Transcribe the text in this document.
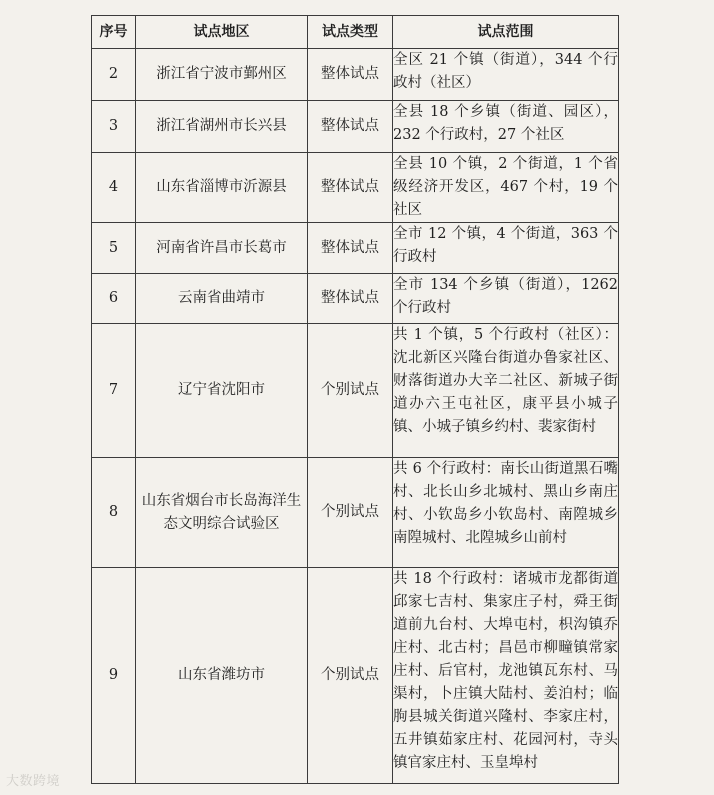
序号	试点地区	试点类型	试点范围
2	浙江省宁波市鄞州区	整体试点	全区 21 个镇（街道），344 个行政村（社区）
3	浙江省湖州市长兴县	整体试点	全县 18 个乡镇（街道、园区），232 个行政村，27 个社区
4	山东省淄博市沂源县	整体试点	全县 10 个镇，2 个街道，1 个省级经济开发区，467 个村，19 个社区
5	河南省许昌市长葛市	整体试点	全市 12 个镇，4 个街道，363 个行政村
6	云南省曲靖市	整体试点	全市 134 个乡镇（街道），1262 个行政村
7	辽宁省沈阳市	个别试点	共 1 个镇，5 个行政村（社区）：沈北新区兴隆台街道办鲁家社区、财落街道办大辛二社区、新城子街道办六王屯社区，康平县小城子镇、小城子镇乡约村、裴家街村
8	山东省烟台市长岛海洋生态文明综合试验区	个别试点	共 6 个行政村：南长山街道黑石嘴村、北长山乡北城村、黑山乡南庄村、小钦岛乡小钦岛村、南隍城乡南隍城村、北隍城乡山前村
9	山东省潍坊市	个别试点	共 18 个行政村：诸城市龙都街道邱家七吉村、集家庄子村，舜王街道前九台村、大埠屯村，枳沟镇乔庄村、北古村；昌邑市柳疃镇常家庄村、后官村，龙池镇瓦东村、马渠村，卜庄镇大陆村、姜泊村；临朐县城关街道兴隆村、李家庄村，五井镇茹家庄村、花园河村，寺头镇官家庄村、玉皇埠村
大数跨境
